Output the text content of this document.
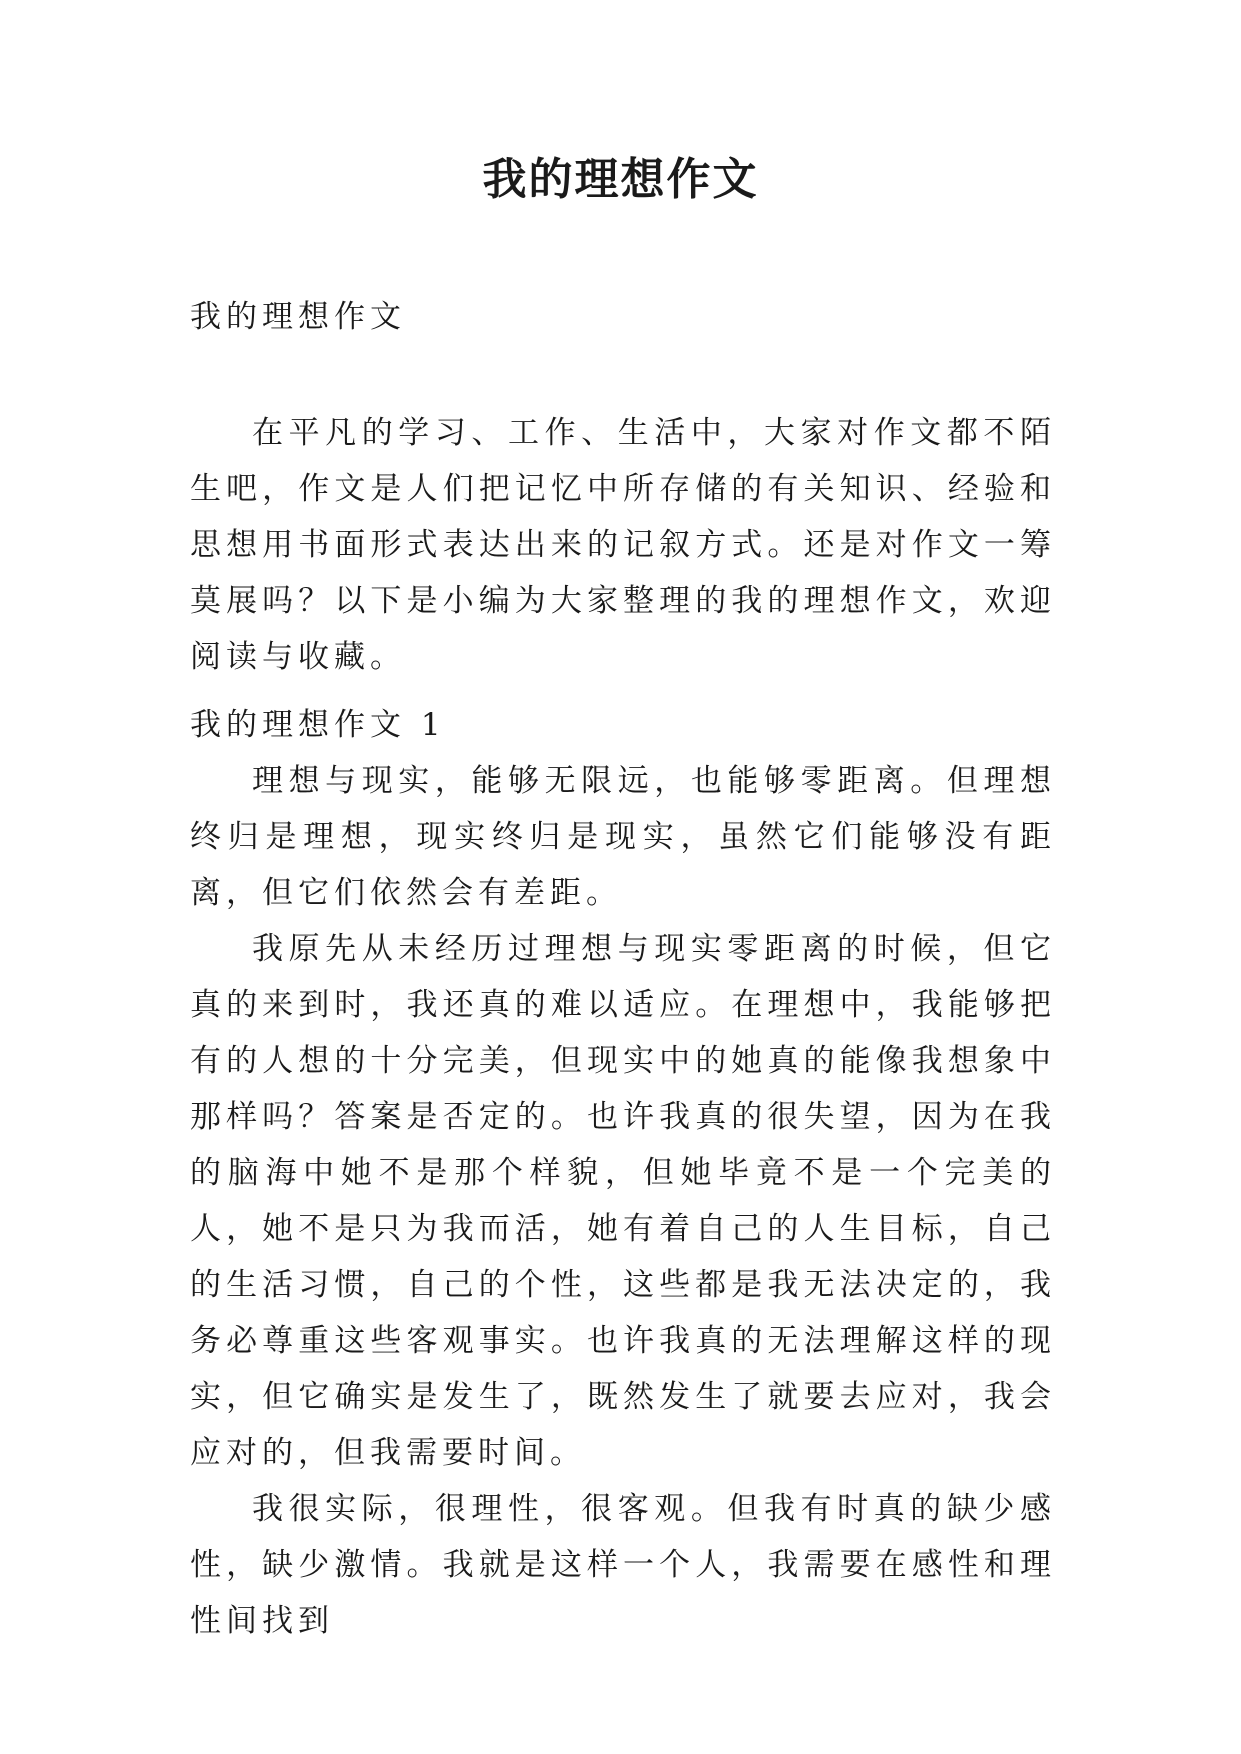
我的理想作文

我的理想作文

在平凡的学习、工作、生活中，大家对作文都不陌生吧，作文是人们把记忆中所存储的有关知识、经验和思想用书面形式表达出来的记叙方式。还是对作文一筹莫展吗？以下是小编为大家整理的我的理想作文，欢迎阅读与收藏。

我的理想作文 1

理想与现实，能够无限远，也能够零距离。但理想终归是理想，现实终归是现实，虽然它们能够没有距离，但它们依然会有差距。

我原先从未经历过理想与现实零距离的时候，但它真的来到时，我还真的难以适应。在理想中，我能够把有的人想的十分完美，但现实中的她真的能像我想象中那样吗？答案是否定的。也许我真的很失望，因为在我的脑海中她不是那个样貌，但她毕竟不是一个完美的人，她不是只为我而活，她有着自己的人生目标，自己的生活习惯，自己的个性，这些都是我无法决定的，我务必尊重这些客观事实。也许我真的无法理解这样的现实，但它确实是发生了，既然发生了就要去应对，我会应对的，但我需要时间。

我很实际，很理性，很客观。但我有时真的缺少感性，缺少激情。我就是这样一个人，我需要在感性和理性间找到
